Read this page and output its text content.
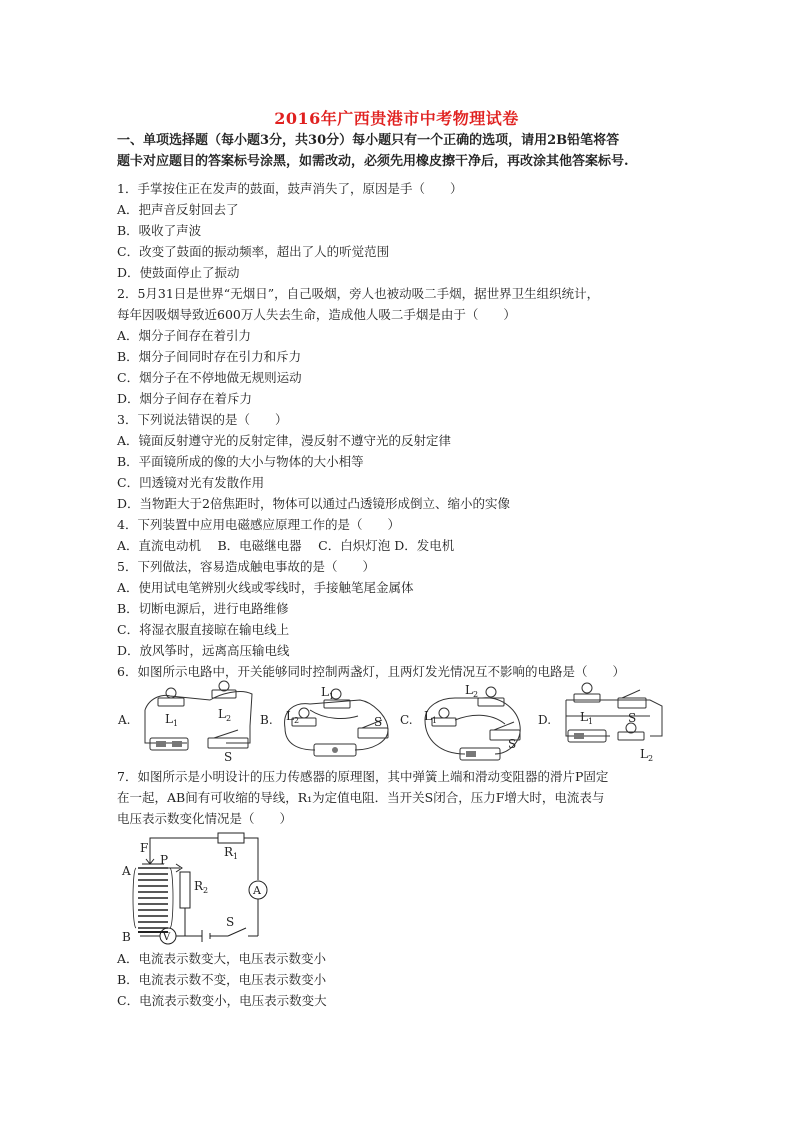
2016年广西贵港市中考物理试卷
一、单项选择题（每小题3分，共30分）每小题只有一个正确的选项，请用2B铅笔将答
题卡对应题目的答案标号涂黑，如需改动，必须先用橡皮擦干净后，再改涂其他答案标号.
1．手掌按住正在发声的鼓面，鼓声消失了，原因是手（　　）
A．把声音反射回去了
B．吸收了声波
C．改变了鼓面的振动频率，超出了人的听觉范围
D．使鼓面停止了振动
2．5月31日是世界“无烟日”，自己吸烟，旁人也被动吸二手烟，据世界卫生组织统计，
每年因吸烟导致近600万人失去生命，造成他人吸二手烟是由于（　　）
A．烟分子间存在着引力
B．烟分子间同时存在引力和斥力
C．烟分子在不停地做无规则运动
D．烟分子间存在着斥力
3．下列说法错误的是（　　）
A．镜面反射遵守光的反射定律，漫反射不遵守光的反射定律
B．平面镜所成的像的大小与物体的大小相等
C．凹透镜对光有发散作用
D．当物距大于2倍焦距时，物体可以通过凸透镜形成倒立、缩小的实像
4．下列装置中应用电磁感应原理工作的是（　　）
A．直流电动机　 B．电磁继电器　 C．白炽灯泡 D．发电机
5．下列做法，容易造成触电事故的是（　　）
A．使用试电笔辨别火线或零线时，手接触笔尾金属体
B．切断电源后，进行电路维修
C．将湿衣服直接晾在输电线上
D．放风筝时，远离高压输电线
6．如图所示电路中，开关能够同时控制两盏灯，且两灯发光情况互不影响的电路是（　　）
A.	$L_1$
$L_2$
S
B.
$L_1$
$L_2$	S C.
$L_2$
$L_1$
S
D. $L_1$	S
$L_2$
7．如图所示是小明设计的压力传感器的原理图，其中弹簧上端和滑动变阻器的滑片P固定
在一起，AB间有可收缩的导线，R₁为定值电阻．当开关S闭合，压力F增大时，电流表与
电压表示数变化情况是（　　）
F
P
A
B
$R_1$
$R_2$	A
V
S
A．电流表示数变大，电压表示数变小
B．电流表示数不变，电压表示数变小
C．电流表示数变小，电压表示数变大
